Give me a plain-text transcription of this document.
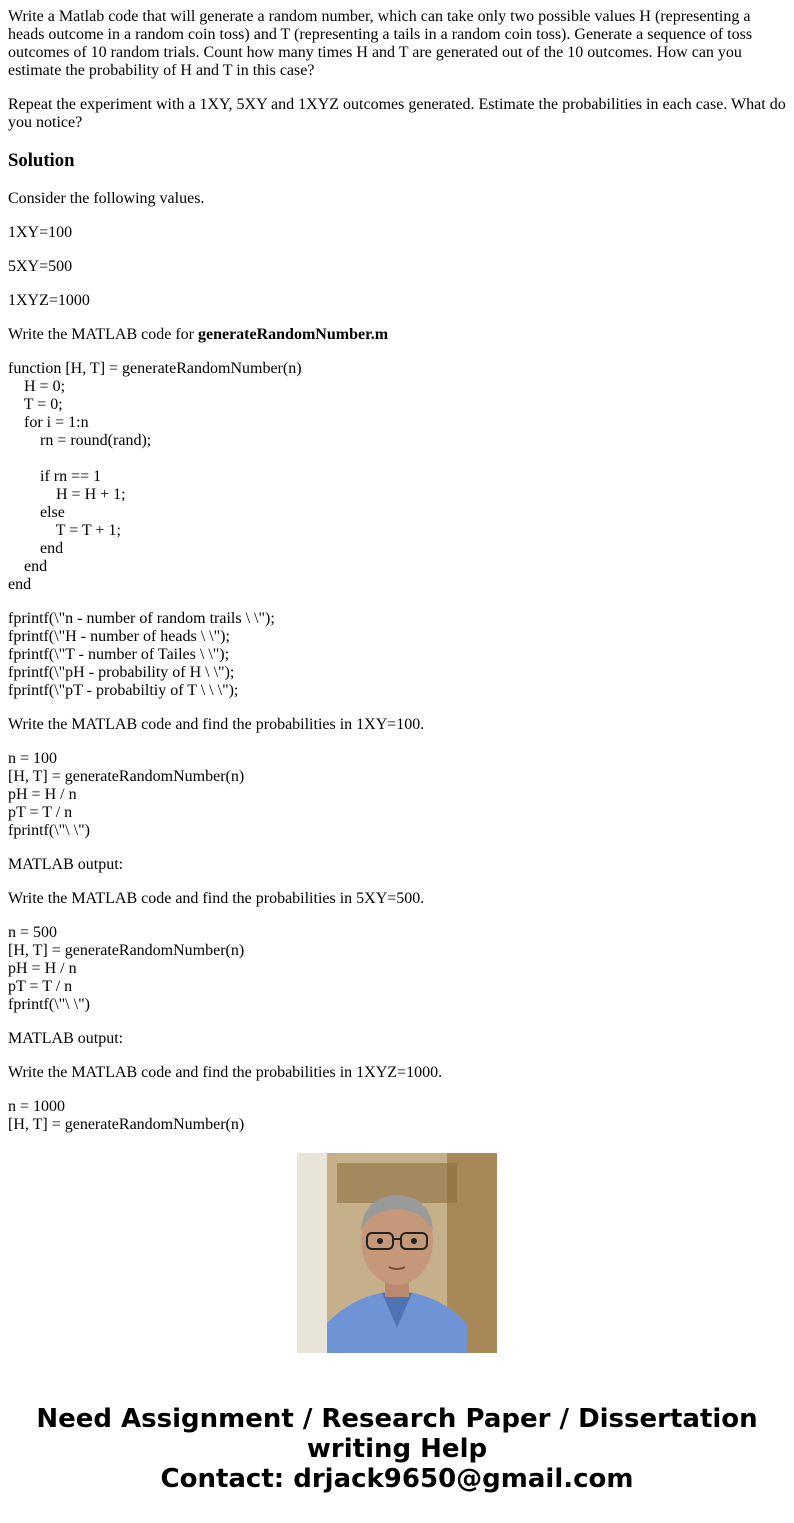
Write a Matlab code that will generate a random number, which can take only two possible values H (representing a heads outcome in a random coin toss) and T (representing a tails in a random coin toss). Generate a sequence of toss outcomes of 10 random trials. Count how many times H and T are generated out of the 10 outcomes. How can you estimate the probability of H and T in this case?

Repeat the experiment with a 1XY, 5XY and 1XYZ outcomes generated. Estimate the probabilities in each case. What do you notice?

Solution

Consider the following values.

1XY=100

5XY=500

1XYZ=1000

Write the MATLAB code for generateRandomNumber.m

function [H, T] = generateRandomNumber(n)
H = 0;
T = 0;
for i = 1:n
rn = round(rand);

if rn == 1
H = H + 1;
else
T = T + 1;
end
end
end
fprintf(\"n - number of random trails \ \");
fprintf(\"H - number of heads \ \");
fprintf(\"T - number of Tailes \ \");
fprintf(\"pH - probability of H \ \");
fprintf(\"pT - probabiltiy of T \ \ \");

Write the MATLAB code and find the probabilities in 1XY=100.

n = 100
[H, T] = generateRandomNumber(n)
pH = H / n
pT = T / n
fprintf(\"\ \")

MATLAB output:

Write the MATLAB code and find the probabilities in 5XY=500.

n = 500
[H, T] = generateRandomNumber(n)
pH = H / n
pT = T / n
fprintf(\"\ \")

MATLAB output:

Write the MATLAB code and find the probabilities in 1XYZ=1000.

n = 1000
[H, T] = generateRandomNumber(n)
Need Assignment / Research Paper / Dissertation
writing Help
Contact: drjack9650@gmail.com
